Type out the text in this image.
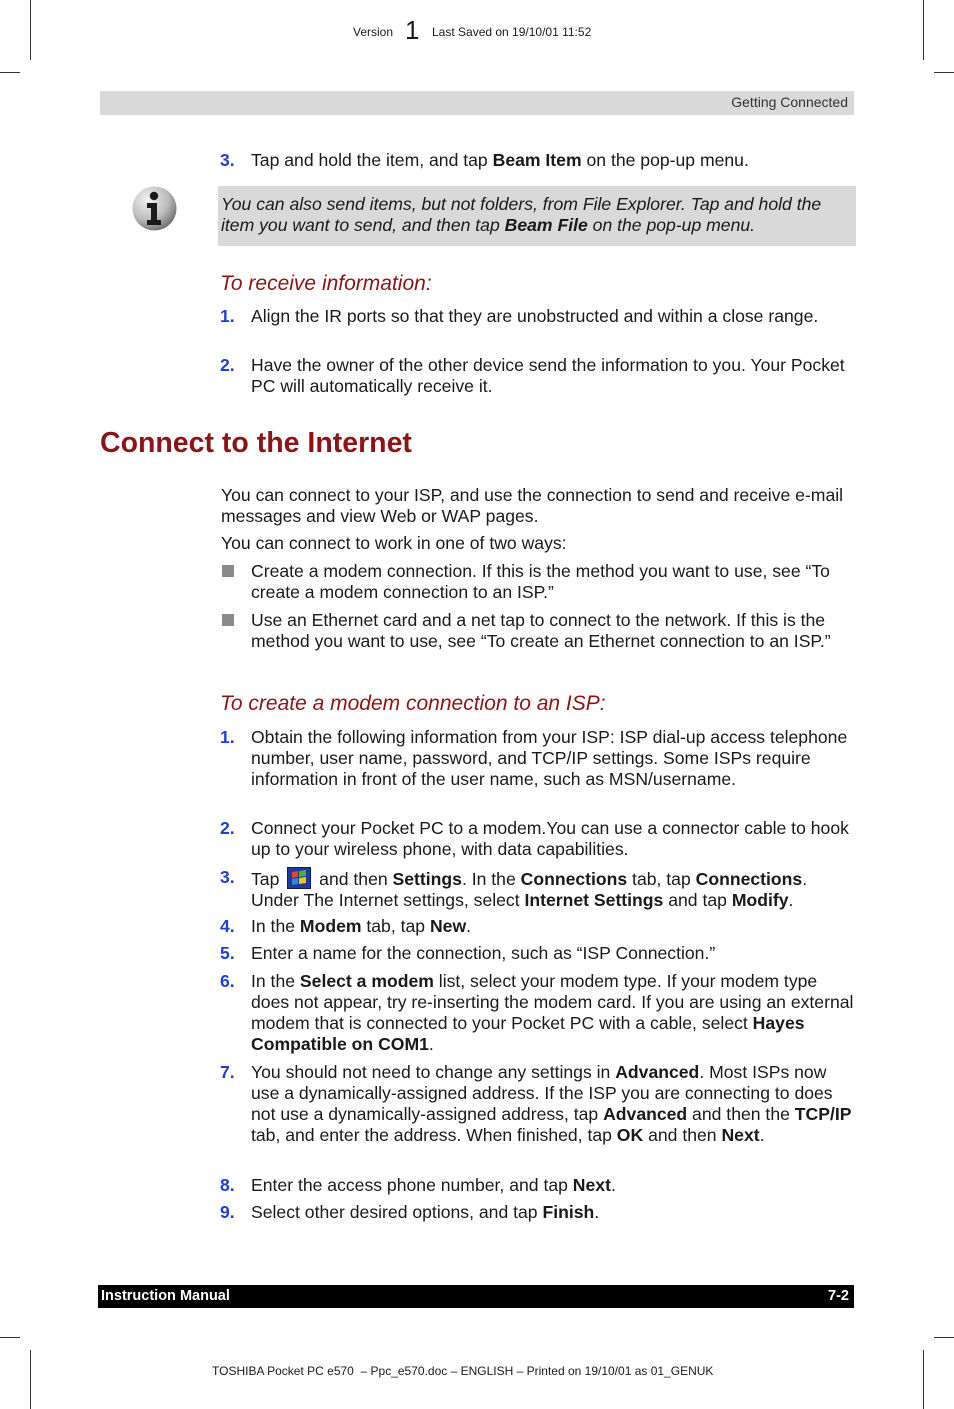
Version 1 Last Saved on 19/10/01 11:52
Getting Connected
3. Tap and hold the item, and tap Beam Item on the pop-up menu.

You can also send items, but not folders, from File Explorer. Tap and hold the item you want to send, and then tap Beam File on the pop-up menu.

To receive information:
1. Align the IR ports so that they are unobstructed and within a close range.

2. Have the owner of the other device send the information to you. Your Pocket PC will automatically receive it.

Connect to the Internet

You can connect to your ISP, and use the connection to send and receive e-mail messages and view Web or WAP pages.

You can connect to work in one of two ways:

Create a modem connection. If this is the method you want to use, see “To create a modem connection to an ISP.”

Use an Ethernet card and a net tap to connect to the network. If this is the method you want to use, see “To create an Ethernet connection to an ISP.”

To create a modem connection to an ISP:
1. Obtain the following information from your ISP: ISP dial-up access telephone number, user name, password, and TCP/IP settings. Some ISPs require information in front of the user name, such as MSN/username.

2. Connect your Pocket PC to a modem.You can use a connector cable to hook up to your wireless phone, with data capabilities.

3. Tap
and then Settings. In the Connections tab, tap Connections. Under The Internet settings, select Internet Settings and tap Modify.

4. In the Modem tab, tap New.

5. Enter a name for the connection, such as “ISP Connection.”

6. In the Select a modem list, select your modem type. If your modem type does not appear, try re-inserting the modem card. If you are using an external modem that is connected to your Pocket PC with a cable, select Hayes Compatible on COM1.

7. You should not need to change any settings in Advanced. Most ISPs now use a dynamically-assigned address. If the ISP you are connecting to does not use a dynamically-assigned address, tap Advanced and then the TCP/IP tab, and enter the address. When finished, tap OK and then Next.

8. Enter the access phone number, and tap Next.

9. Select other desired options, and tap Finish.

Instruction Manual	7-2
TOSHIBA Pocket PC e570  – Ppc_e570.doc – ENGLISH – Printed on 19/10/01 as 01_GENUK
